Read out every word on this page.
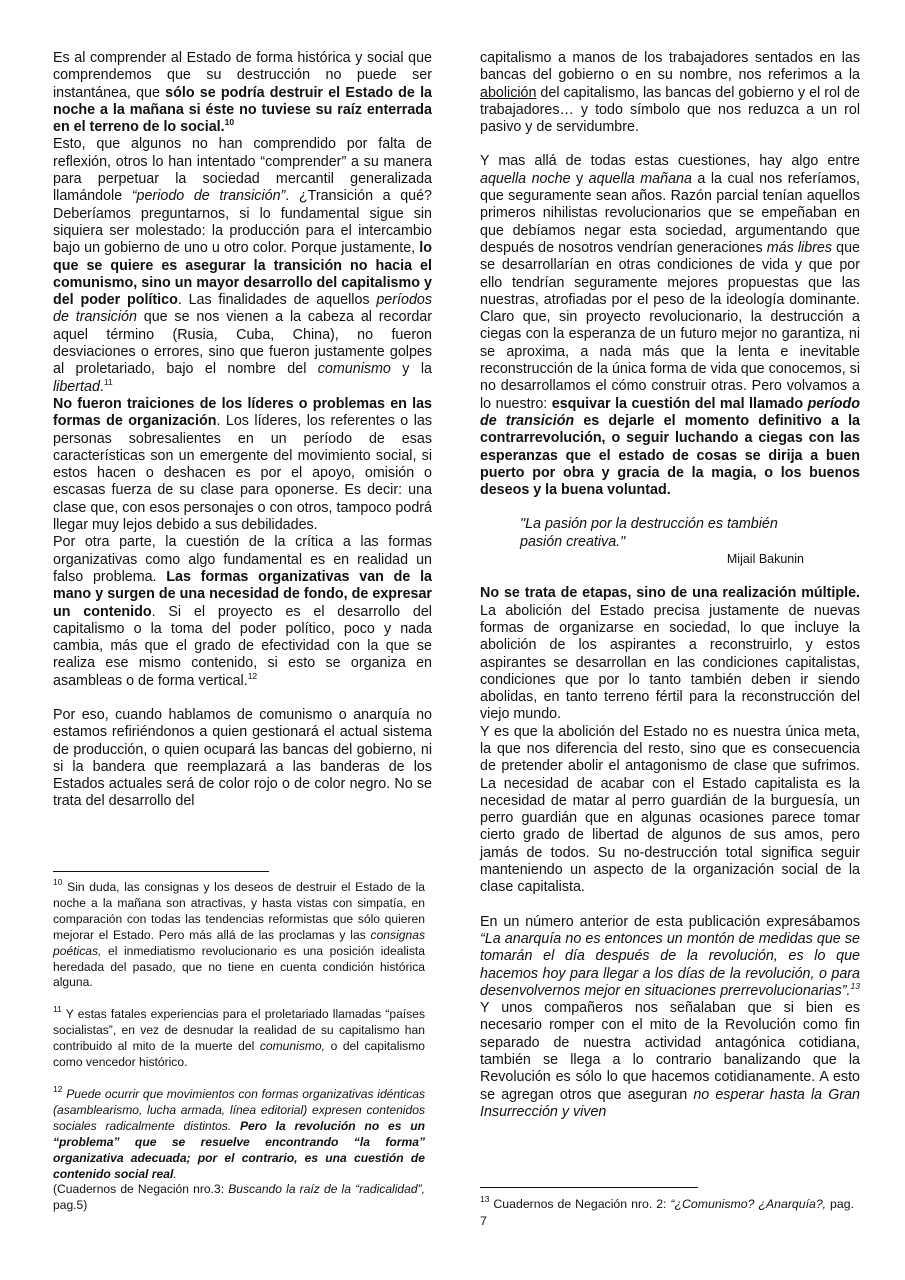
Es al comprender al Estado de forma histórica y social que comprendemos que su destrucción no puede ser instantánea, que sólo se podría destruir el Estado de la noche a la mañana si éste no tuviese su raíz enterrada en el terreno de lo social.$^{10}$

Esto, que algunos no han comprendido por falta de reflexión, otros lo han intentado “comprender” a su manera para perpetuar la sociedad mercantil generalizada llamándole “periodo de transición”. ¿Transición a qué? Deberíamos preguntarnos, si lo fundamental sigue sin siquiera ser molestado: la producción para el intercambio bajo un gobierno de uno u otro color. Porque justamente, lo que se quiere es asegurar la transición no hacia el comunismo, sino un mayor desarrollo del capitalismo y del poder político. Las finalidades de aquellos períodos de transición que se nos vienen a la cabeza al recordar aquel término (Rusia, Cuba, China), no fueron desviaciones o errores, sino que fueron justamente golpes al proletariado, bajo el nombre del comunismo y la libertad.$^{11}$

No fueron traiciones de los líderes o problemas en las formas de organización. Los líderes, los referentes o las personas sobresalientes en un período de esas características son un emergente del movimiento social, si estos hacen o deshacen es por el apoyo, omisión o escasas fuerza de su clase para oponerse. Es decir: una clase que, con esos personajes o con otros, tampoco podrá llegar muy lejos debido a sus debilidades.

Por otra parte, la cuestión de la crítica a las formas organizativas como algo fundamental es en realidad un falso problema. Las formas organizativas van de la mano y surgen de una necesidad de fondo, de expresar un contenido. Si el proyecto es el desarrollo del capitalismo o la toma del poder político, poco y nada cambia, más que el grado de efectividad con la que se realiza ese mismo contenido, si esto se organiza en asambleas o de forma vertical.$^{12}$

Por eso, cuando hablamos de comunismo o anarquía no estamos refiriéndonos a quien gestionará el actual sistema de producción, o quien ocupará las bancas del gobierno, ni si la bandera que reemplazará a las banderas de los Estados actuales será de color rojo o de color negro. No se trata del desarrollo del

$^{10}$ Sin duda, las consignas y los deseos de destruir el Estado de la noche a la mañana son atractivas, y hasta vistas con simpatía, en comparación con todas las tendencias reformistas que sólo quieren mejorar el Estado. Pero más allá de las proclamas y las consignas poéticas, el inmediatismo revolucionario es una posición idealista heredada del pasado, que no tiene en cuenta condición histórica alguna.

$^{11}$ Y estas fatales experiencias para el proletariado llamadas “países socialistas”, en vez de desnudar la realidad de su capitalismo han contribuido al mito de la muerte del comunismo, o del capitalismo como vencedor histórico.

$^{12}$ Puede ocurrir que movimientos con formas organizativas idénticas (asamblearismo, lucha armada, línea editorial) expresen contenidos sociales radicalmente distintos. Pero la revolución no es un “problema” que se resuelve encontrando “la forma” organizativa adecuada; por el contrario, es una cuestión de contenido social real.
(Cuadernos de Negación nro.3: Buscando la raíz de la “radicalidad”, pag.5)

capitalismo a manos de los trabajadores sentados en las bancas del gobierno o en su nombre, nos referimos a la abolición del capitalismo, las bancas del gobierno y el rol de trabajadores… y todo símbolo que nos reduzca a un rol pasivo y de servidumbre.

Y mas allá de todas estas cuestiones, hay algo entre aquella noche y aquella mañana a la cual nos referíamos, que seguramente sean años. Razón parcial tenían aquellos primeros nihilistas revolucionarios que se empeñaban en que debíamos negar esta sociedad, argumentando que después de nosotros vendrían generaciones más libres que se desarrollarían en otras condiciones de vida y que por ello tendrían seguramente mejores propuestas que las nuestras, atrofiadas por el peso de la ideología dominante. Claro que, sin proyecto revolucionario, la destrucción a ciegas con la esperanza de un futuro mejor no garantiza, ni se aproxima, a nada más que la lenta e inevitable reconstrucción de la única forma de vida que conocemos, si no desarrollamos el cómo construir otras. Pero volvamos a lo nuestro: esquivar la cuestión del mal llamado período de transición es dejarle el momento definitivo a la contrarrevolución, o seguir luchando a ciegas con las esperanzas que el estado de cosas se dirija a buen puerto por obra y gracia de la magia, o los buenos deseos y la buena voluntad.

"La pasión por la destrucción es también pasión creativa."

Mijail Bakunin

No se trata de etapas, sino de una realización múltiple. La abolición del Estado precisa justamente de nuevas formas de organizarse en sociedad, lo que incluye la abolición de los aspirantes a reconstruirlo, y estos aspirantes se desarrollan en las condiciones capitalistas, condiciones que por lo tanto también deben ir siendo abolidas, en tanto terreno fértil para la reconstrucción del viejo mundo.

Y es que la abolición del Estado no es nuestra única meta, la que nos diferencia del resto, sino que es consecuencia de pretender abolir el antagonismo de clase que sufrimos. La necesidad de acabar con el Estado capitalista es la necesidad de matar al perro guardián de la burguesía, un perro guardián que en algunas ocasiones parece tomar cierto grado de libertad de algunos de sus amos, pero jamás de todos. Su no-destrucción total significa seguir manteniendo un aspecto de la organización social de la clase capitalista.

En un número anterior de esta publicación expresábamos “La anarquía no es entonces un montón de medidas que se tomarán el día después de la revolución, es lo que hacemos hoy para llegar a los días de la revolución, o para desenvolvernos mejor en situaciones prerrevolucionarias”.$^{13}$ Y unos compañeros nos señalaban que si bien es necesario romper con el mito de la Revolución como fin separado de nuestra actividad antagónica cotidiana, también se llega a lo contrario banalizando que la Revolución es sólo lo que hacemos cotidianamente. A esto se agregan otros que aseguran no esperar hasta la Gran Insurrección y viven

$^{13}$ Cuadernos de Negación nro. 2: “¿Comunismo? ¿Anarquía?, pag. 7
